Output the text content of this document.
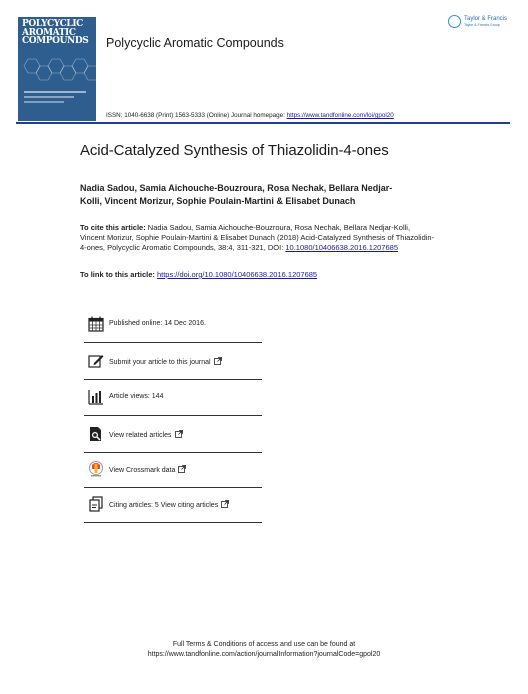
POLYCYCLIC
AROMATIC
COMPOUNDS	Polycyclic Aromatic Compounds
Taylor & Francis
Taylor & Francis Group
ISSN: 1040-6638 (Print) 1563-5333 (Online) Journal homepage: https://www.tandfonline.com/loi/gpol20
Acid-Catalyzed Synthesis of Thiazolidin-4-ones
Nadia Sadou, Samia Aichouche-Bouzroura, Rosa Nechak, Bellara Nedjar-
Kolli, Vincent Morizur, Sophie Poulain-Martini & Elisabet Dunach
To cite this article: Nadia Sadou, Samia Aichouche-Bouzroura, Rosa Nechak, Bellara Nedjar-Kolli, Vincent Morizur, Sophie Poulain-Martini & Elisabet Dunach (2018) Acid-Catalyzed Synthesis of Thiazolidin-4-ones, Polycyclic Aromatic Compounds, 38:4, 311-321, DOI: 10.1080/10406638.2016.1207685
To link to this article: https://doi.org/10.1080/10406638.2016.1207685
Published online: 14 Dec 2016.
Submit your article to this journal
Article views: 144
View related articles
View Crossmark data
Citing articles: 5 View citing articles
Full Terms & Conditions of access and use can be found at
https://www.tandfonline.com/action/journalInformation?journalCode=gpol20
